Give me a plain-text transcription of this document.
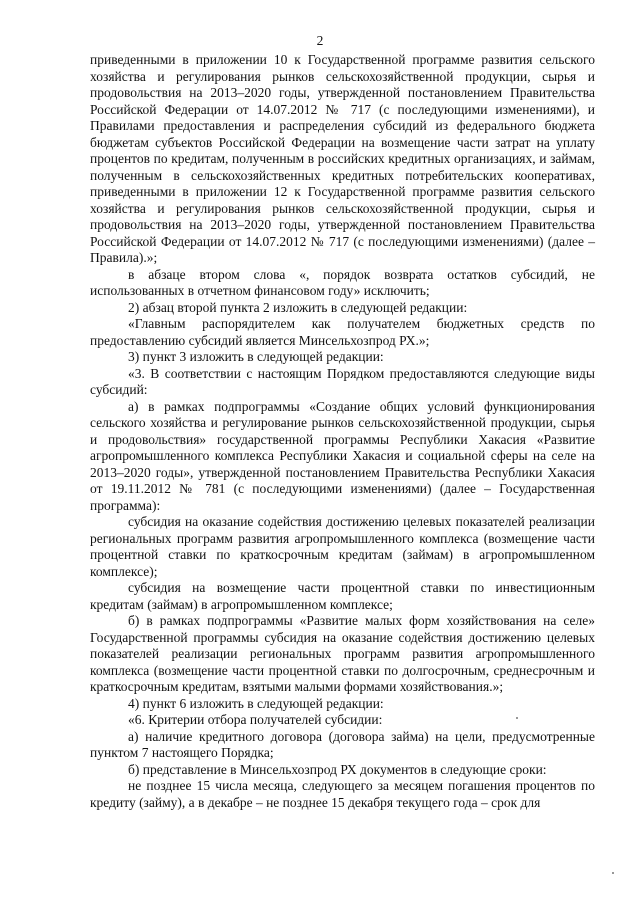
2

приведенными в приложении 10 к Государственной программе развития сельского хозяйства и регулирования рынков сельскохозяйственной продукции, сырья и продовольствия на 2013–2020 годы, утвержденной постановлением Правительства Российской Федерации от 14.07.2012 № 717 (с последующими изменениями), и Правилами предоставления и распределения субсидий из федерального бюджета бюджетам субъектов Российской Федерации на возмещение части затрат на уплату процентов по кредитам, полученным в российских кредитных организациях, и займам, полученным в сельскохозяйственных кредитных потребительских кооперативах, приведенными в приложении 12 к Государственной программе развития сельского хозяйства и регулирования рынков сельскохозяйственной продукции, сырья и продовольствия на 2013–2020 годы, утвержденной постановлением Правительства Российской Федерации от 14.07.2012 № 717 (с последующими изменениями) (далее – Правила).»;

в абзаце втором слова «, порядок возврата остатков субсидий, не использованных в отчетном финансовом году» исключить;

2) абзац второй пункта 2 изложить в следующей редакции:

«Главным распорядителем как получателем бюджетных средств по предоставлению субсидий является Минсельхозпрод РХ.»;

3) пункт 3 изложить в следующей редакции:

«3. В соответствии с настоящим Порядком предоставляются следующие виды субсидий:

а) в рамках подпрограммы «Создание общих условий функционирования сельского хозяйства и регулирование рынков сельскохозяйственной продукции, сырья и продовольствия» государственной программы Республики Хакасия «Развитие агропромышленного комплекса Республики Хакасия и социальной сферы на селе на 2013–2020 годы», утвержденной постановлением Правительства Республики Хакасия от 19.11.2012 № 781 (с последующими изменениями) (далее – Государственная программа):

субсидия на оказание содействия достижению целевых показателей реализации региональных программ развития агропромышленного комплекса (возмещение части процентной ставки по краткосрочным кредитам (займам) в агропромышленном комплексе);

субсидия на возмещение части процентной ставки по инвестиционным кредитам (займам) в агропромышленном комплексе;

б) в рамках подпрограммы «Развитие малых форм хозяйствования на селе» Государственной программы субсидия на оказание содействия достижению целевых показателей реализации региональных программ развития агропромышленного комплекса (возмещение части процентной ставки по долгосрочным, среднесрочным и краткосрочным кредитам, взятыми малыми формами хозяйствования.»;

4) пункт 6 изложить в следующей редакции:

«6. Критерии отбора получателей субсидии:

а) наличие кредитного договора (договора займа) на цели, предусмотренные пунктом 7 настоящего Порядка;

б) представление в Минсельхозпрод РХ документов в следующие сроки:

не позднее 15 числа месяца, следующего за месяцем погашения процентов по кредиту (займу), а в декабре – не позднее 15 декабря текущего года – срок для
